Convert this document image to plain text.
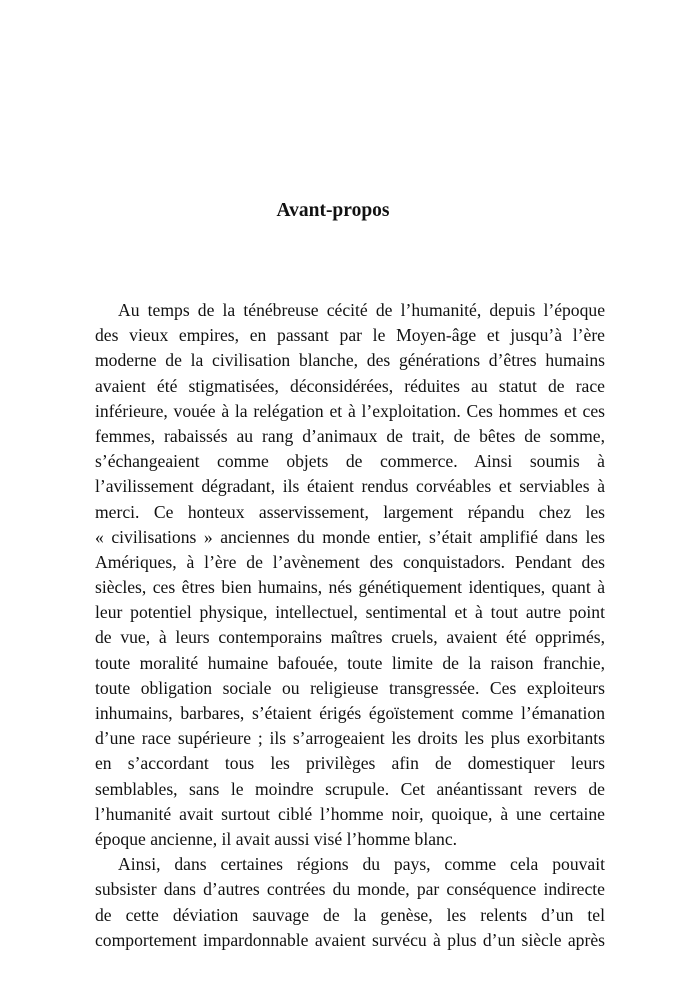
Avant-propos
Au temps de la ténébreuse cécité de l’humanité, depuis l’époque
des vieux empires, en passant par le Moyen-âge et jusqu’à l’ère
moderne de la civilisation blanche, des générations d’êtres humains
avaient été stigmatisées, déconsidérées, réduites au statut de race
inférieure, vouée à la relégation et à l’exploitation. Ces hommes et ces
femmes, rabaissés au rang d’animaux de trait, de bêtes de somme,
s’échangeaient comme objets de commerce. Ainsi soumis à
l’avilissement dégradant, ils étaient rendus corvéables et serviables à
merci. Ce honteux asservissement, largement répandu chez les
« civilisations » anciennes du monde entier, s’était amplifié dans les
Amériques, à l’ère de l’avènement des conquistadors. Pendant des
siècles, ces êtres bien humains, nés génétiquement identiques, quant à
leur potentiel physique, intellectuel, sentimental et à tout autre point
de vue, à leurs contemporains maîtres cruels, avaient été opprimés,
toute moralité humaine bafouée, toute limite de la raison franchie,
toute obligation sociale ou religieuse transgressée. Ces exploiteurs
inhumains, barbares, s’étaient érigés égoïstement comme l’émanation
d’une race supérieure ; ils s’arrogeaient les droits les plus exorbitants
en s’accordant tous les privilèges afin de domestiquer leurs
semblables, sans le moindre scrupule. Cet anéantissant revers de
l’humanité avait surtout ciblé l’homme noir, quoique, à une certaine
époque ancienne, il avait aussi visé l’homme blanc.
Ainsi, dans certaines régions du pays, comme cela pouvait
subsister dans d’autres contrées du monde, par conséquence indirecte
de cette déviation sauvage de la genèse, les relents d’un tel
comportement impardonnable avaient survécu à plus d’un siècle après
